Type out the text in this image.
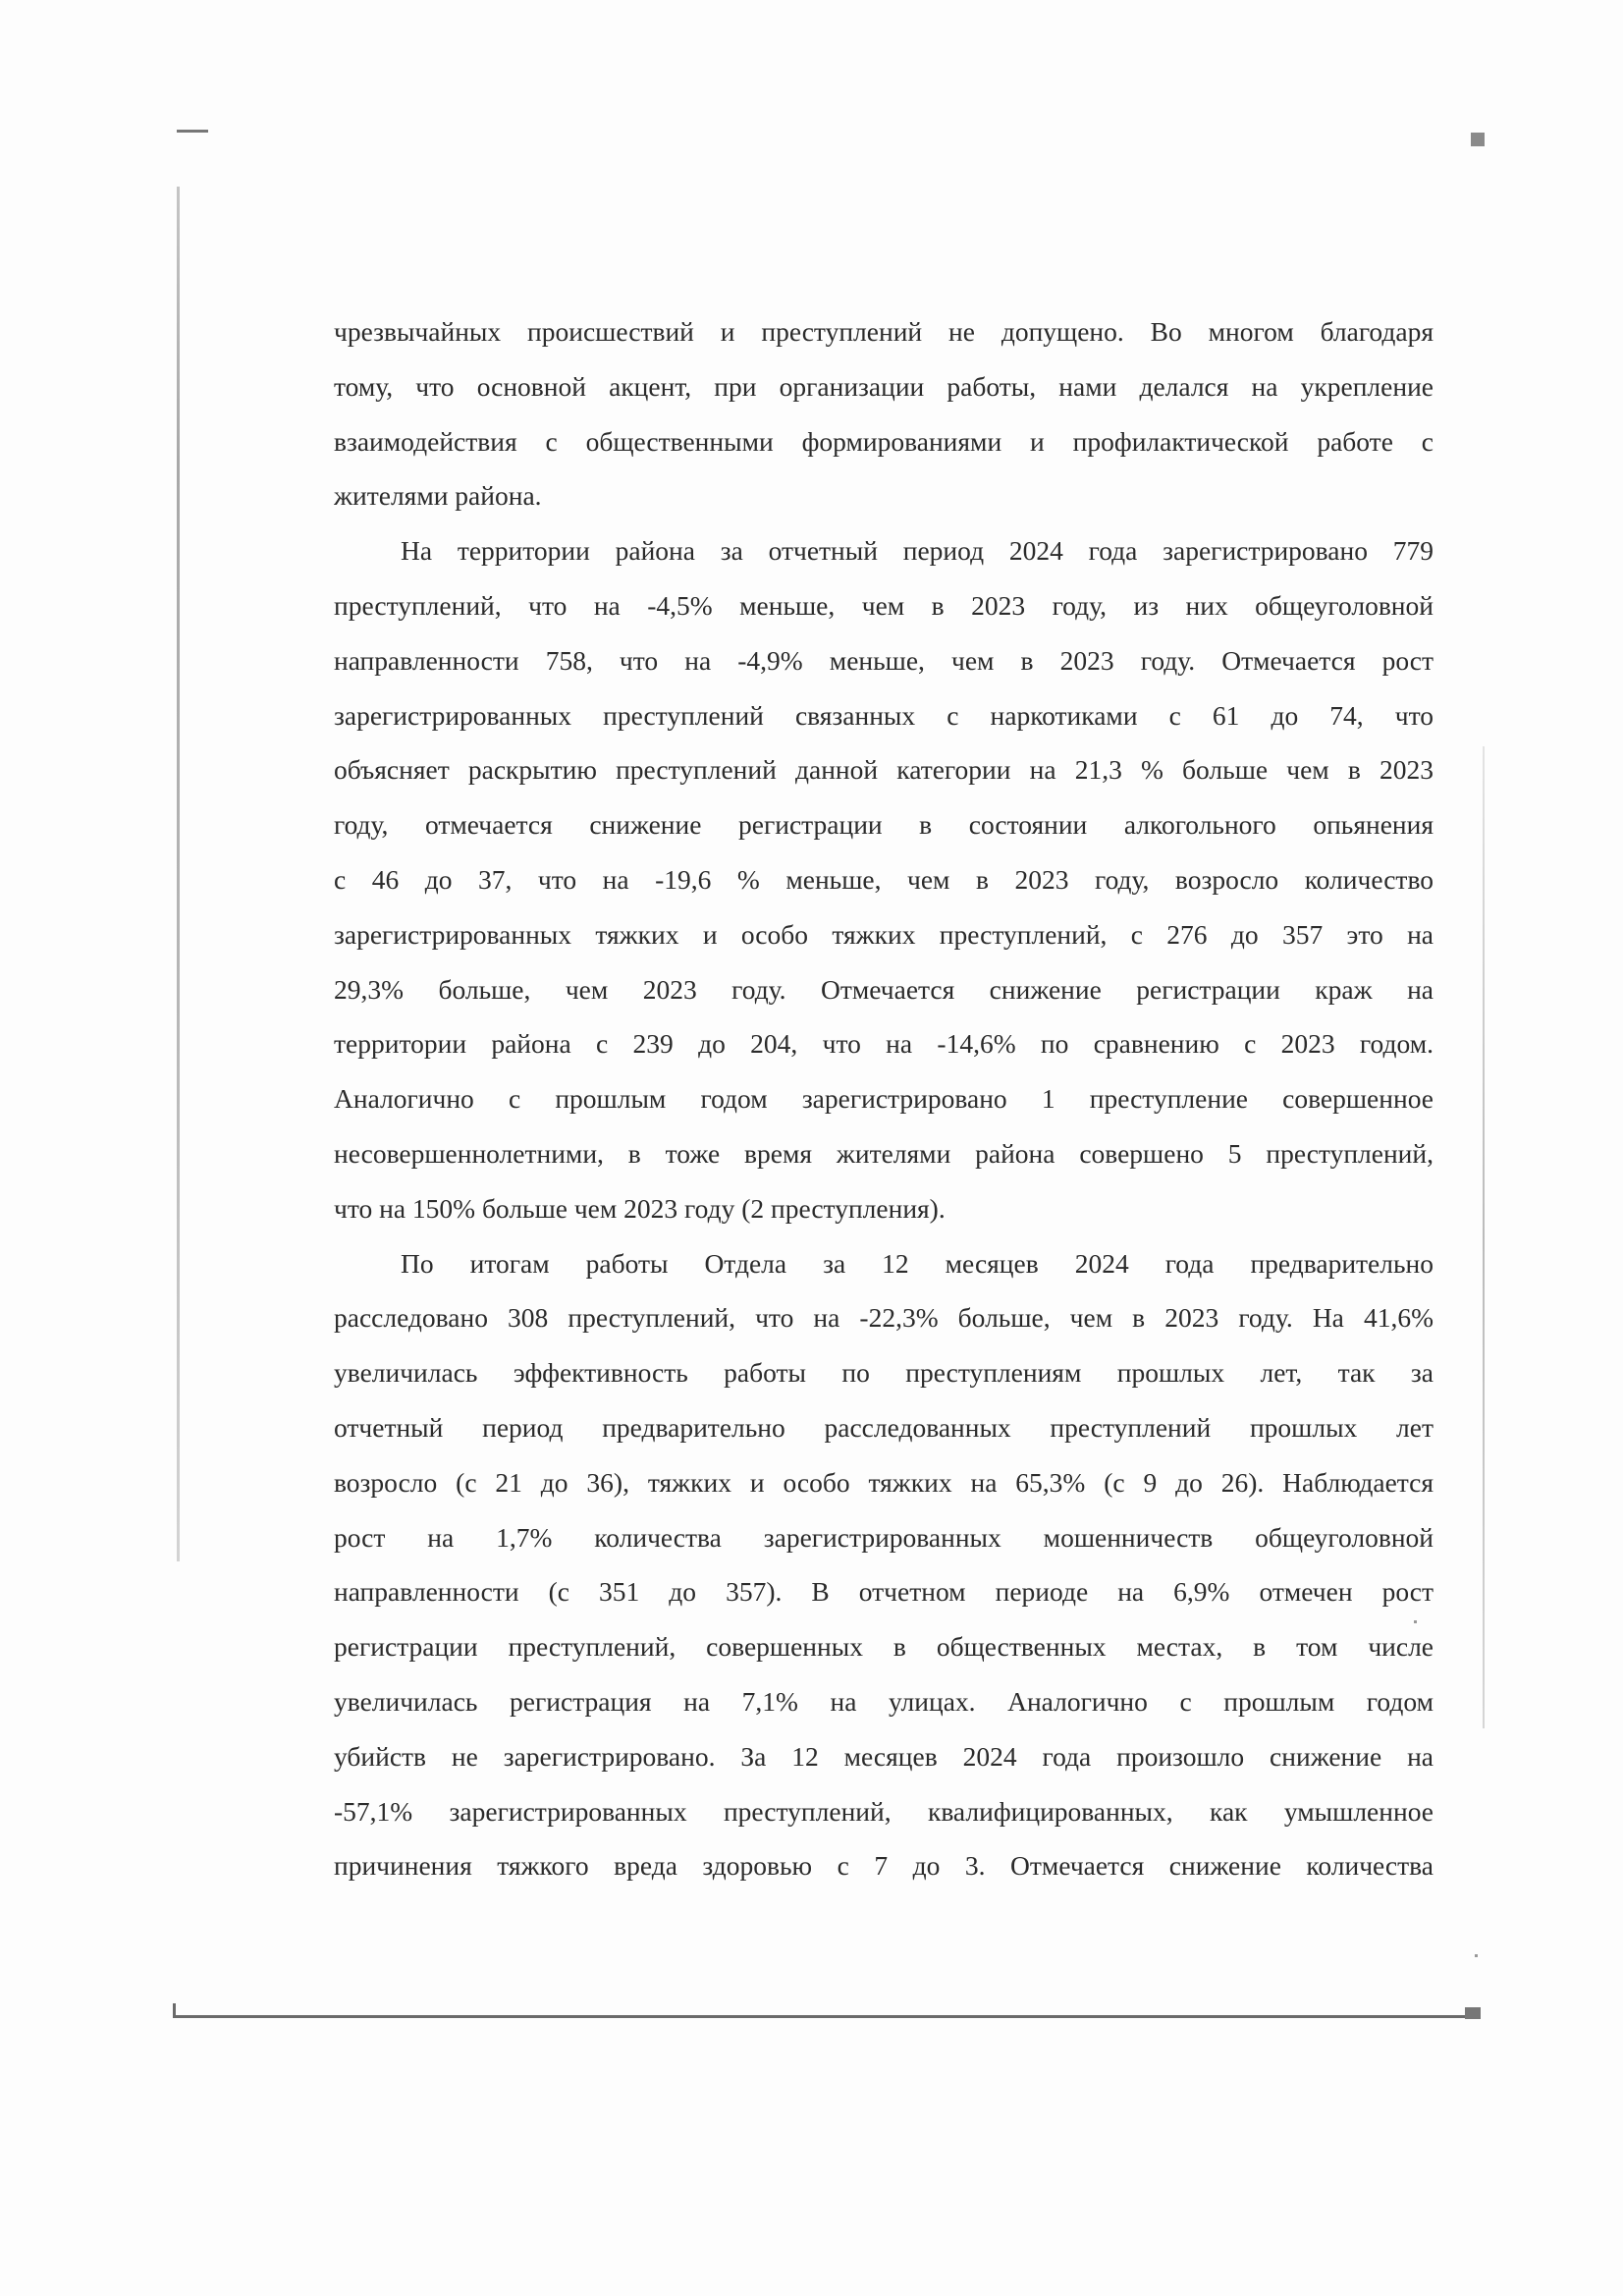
чрезвычайных происшествий и преступлений не допущено. Во многом благодаря
тому, что основной акцент, при организации работы, нами делался на укрепление
взаимодействия с общественными формированиями и профилактической работе с
жителями района.
На территории района за отчетный период 2024 года зарегистрировано 779
преступлений, что на -4,5% меньше, чем в 2023 году, из них общеуголовной
направленности 758, что на -4,9% меньше, чем в 2023 году. Отмечается рост
зарегистрированных преступлений связанных с наркотиками с 61 до 74, что
объясняет раскрытию преступлений данной категории на 21,3 % больше чем в 2023
году, отмечается снижение регистрации в состоянии алкогольного опьянения
с 46 до 37, что на -19,6 % меньше, чем в 2023 году, возросло количество
зарегистрированных тяжких и особо тяжких преступлений, с 276 до 357 это на
29,3% больше, чем 2023 году. Отмечается снижение регистрации краж на
территории района с 239 до 204, что на -14,6% по сравнению с 2023 годом.
Аналогично с прошлым годом зарегистрировано 1 преступление совершенное
несовершеннолетними, в тоже время жителями района совершено 5 преступлений,
что на 150% больше чем 2023 году (2 преступления).
По итогам работы Отдела за 12 месяцев 2024 года предварительно
расследовано 308 преступлений, что на -22,3% больше, чем в 2023 году. На 41,6%
увеличилась эффективность работы по преступлениям прошлых лет, так за
отчетный период предварительно расследованных преступлений прошлых лет
возросло (с 21 до 36), тяжких и особо тяжких на 65,3% (с 9 до 26). Наблюдается
рост на 1,7% количества зарегистрированных мошенничеств общеуголовной
направленности (с 351 до 357). В отчетном периоде на 6,9% отмечен рост
регистрации преступлений, совершенных в общественных местах, в том числе
увеличилась регистрация на 7,1% на улицах. Аналогично с прошлым годом
убийств не зарегистрировано. За 12 месяцев 2024 года произошло снижение на
-57,1% зарегистрированных преступлений, квалифицированных, как умышленное
причинения тяжкого вреда здоровью с 7 до 3. Отмечается снижение количества
